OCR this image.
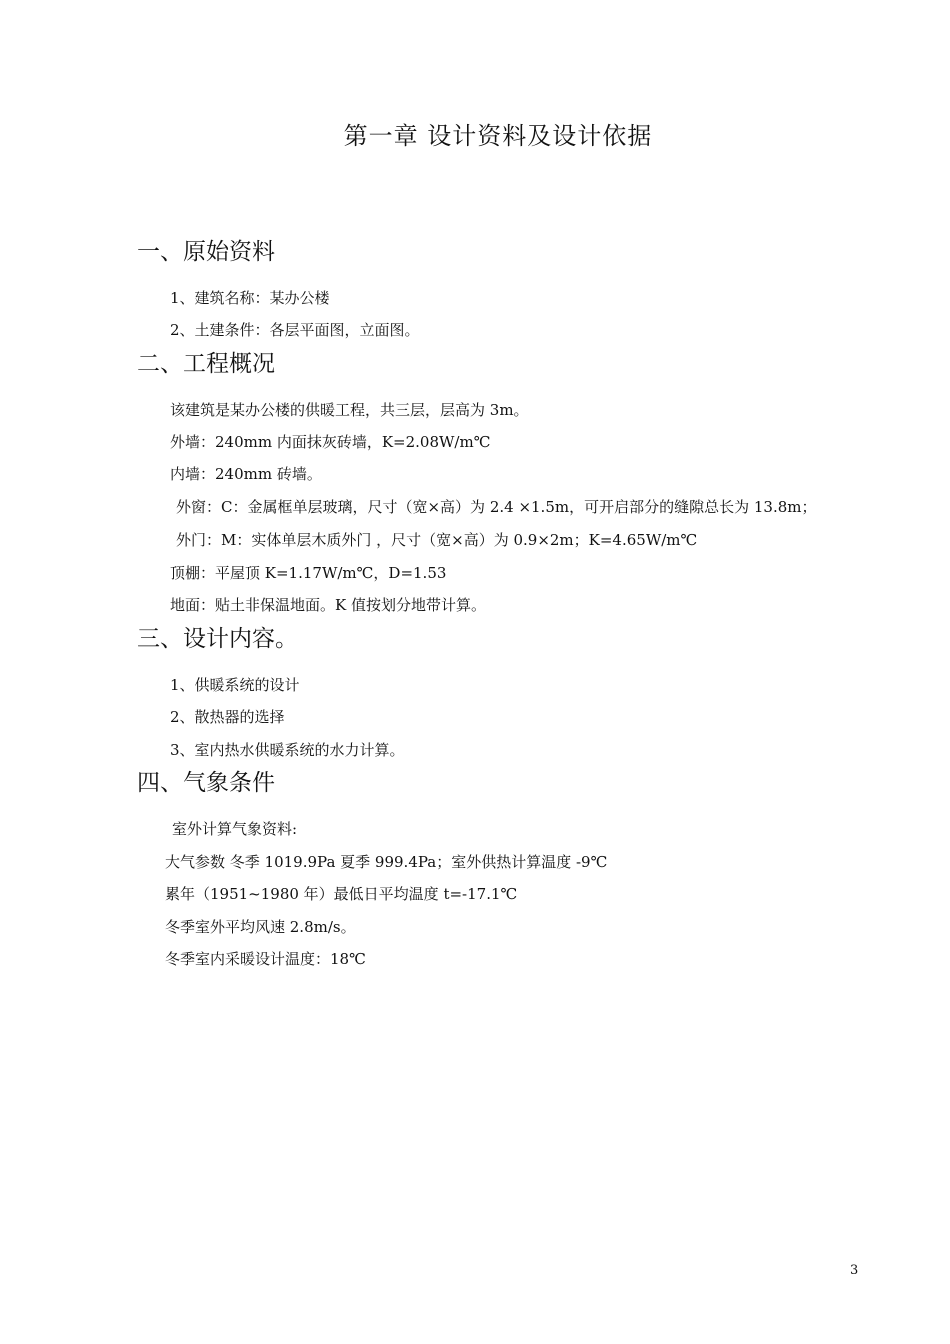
第一章 设计资料及设计依据
一、原始资料
1、建筑名称：某办公楼
2、土建条件：各层平面图，立面图。
二、工程概况
该建筑是某办公楼的供暖工程，共三层，层高为 3m。
外墙：240mm 内面抹灰砖墙，K=2.08W/m℃
内墙：240mm 砖墙。
外窗：C：金属框单层玻璃，尺寸（宽×高）为 2.4 ×1.5m，可开启部分的缝隙总长为 13.8m；
外门：M：实体单层木质外门 ，尺寸（宽×高）为 0.9×2m；K=4.65W/m℃
顶棚：平屋顶 K=1.17W/m℃，D=1.53
地面：贴土非保温地面。K 值按划分地带计算。
三、设计内容。
1、供暖系统的设计
2、散热器的选择
3、室内热水供暖系统的水力计算。
四、气象条件
室外计算气象资料:
大气参数 冬季 1019.9Pa 夏季 999.4Pa；室外供热计算温度 -9℃
累年（1951~1980 年）最低日平均温度 t=-17.1℃
冬季室外平均风速 2.8m/s。
冬季室内采暖设计温度：18℃
3
